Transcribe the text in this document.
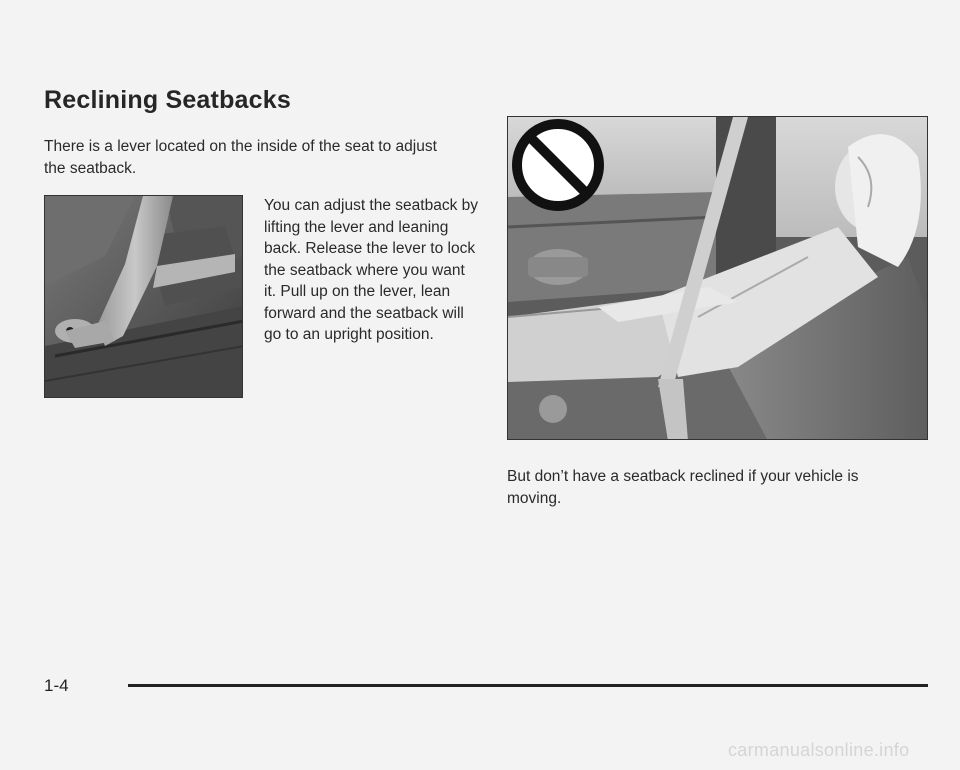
Reclining Seatbacks
There is a lever located on the inside of the seat to adjust the seatback.
You can adjust the seatback by lifting the lever and leaning back. Release the lever to lock the seatback where you want it. Pull up on the lever, lean forward and the seatback will go to an upright position.
But don’t have a seatback reclined if your vehicle is moving.
1-4
carmanualsonline.info
